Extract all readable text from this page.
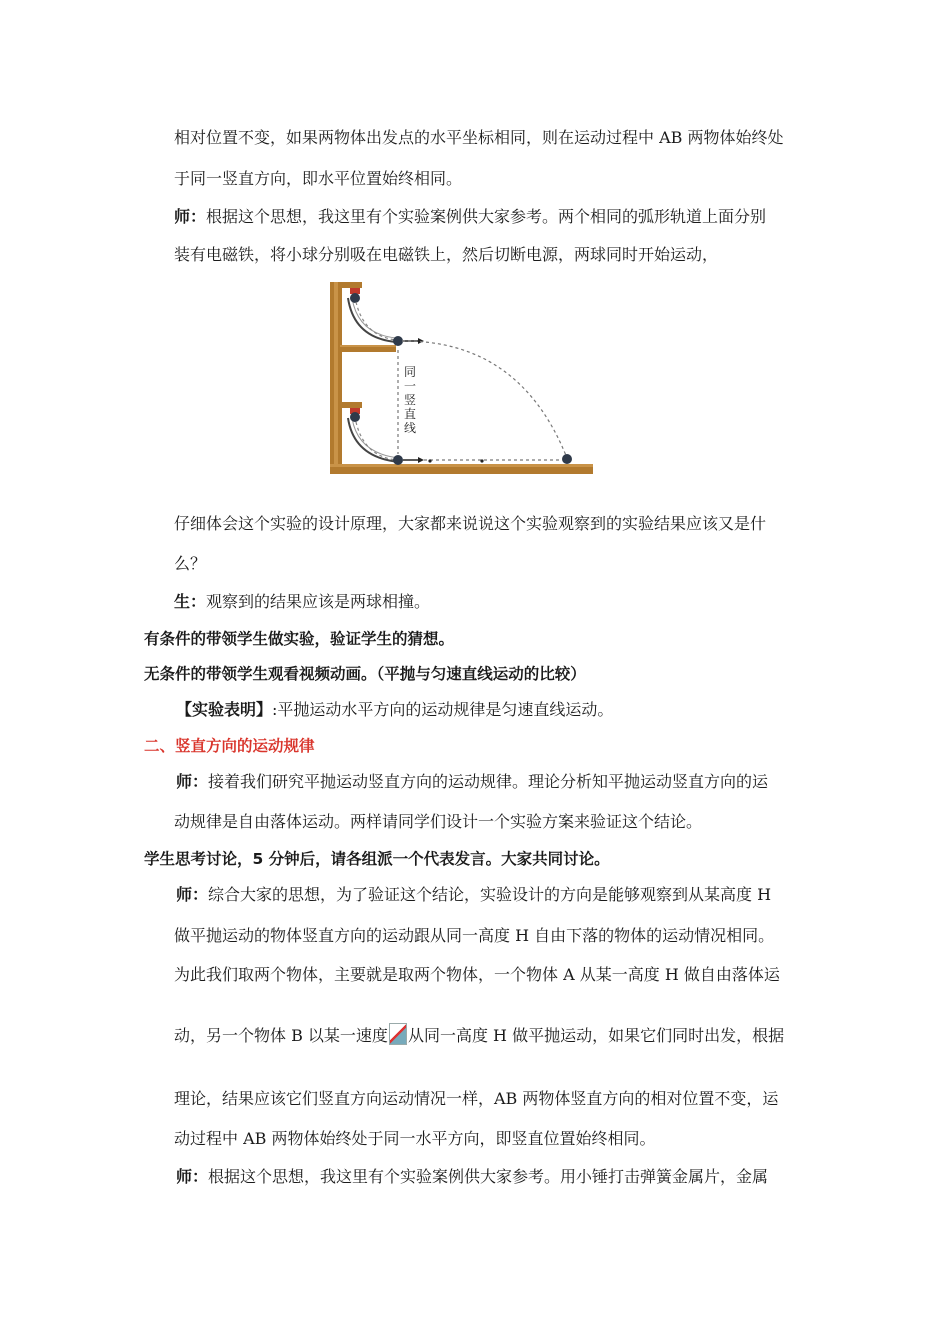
相对位置不变，如果两物体出发点的水平坐标相同，则在运动过程中 AB 两物体始终处
于同一竖直方向，即水平位置始终相同。
师：根据这个思想，我这里有个实验案例供大家参考。两个相同的弧形轨道上面分别
装有电磁铁，将小球分别吸在电磁铁上，然后切断电源，两球同时开始运动，
同
一
竖
直
线
仔细体会这个实验的设计原理，大家都来说说这个实验观察到的实验结果应该又是什
么？
生：观察到的结果应该是两球相撞。
有条件的带领学生做实验，验证学生的猜想。
无条件的带领学生观看视频动画。（平抛与匀速直线运动的比较）
【实验表明】:平抛运动水平方向的运动规律是匀速直线运动。
二、竖直方向的运动规律
师：接着我们研究平抛运动竖直方向的运动规律。理论分析知平抛运动竖直方向的运
动规律是自由落体运动。两样请同学们设计一个实验方案来验证这个结论。
学生思考讨论，5 分钟后，请各组派一个代表发言。大家共同讨论。
师：综合大家的思想，为了验证这个结论，实验设计的方向是能够观察到从某高度 H
做平抛运动的物体竖直方向的运动跟从同一高度 H 自由下落的物体的运动情况相同。
为此我们取两个物体，主要就是取两个物体，一个物体 A 从某一高度 H 做自由落体运
动，另一个物体 B 以某一速度 从同一高度 H 做平抛运动，如果它们同时出发，根据
理论，结果应该它们竖直方向运动情况一样，AB 两物体竖直方向的相对位置不变，运
动过程中 AB 两物体始终处于同一水平方向，即竖直位置始终相同。
师：根据这个思想，我这里有个实验案例供大家参考。用小锤打击弹簧金属片，金属
